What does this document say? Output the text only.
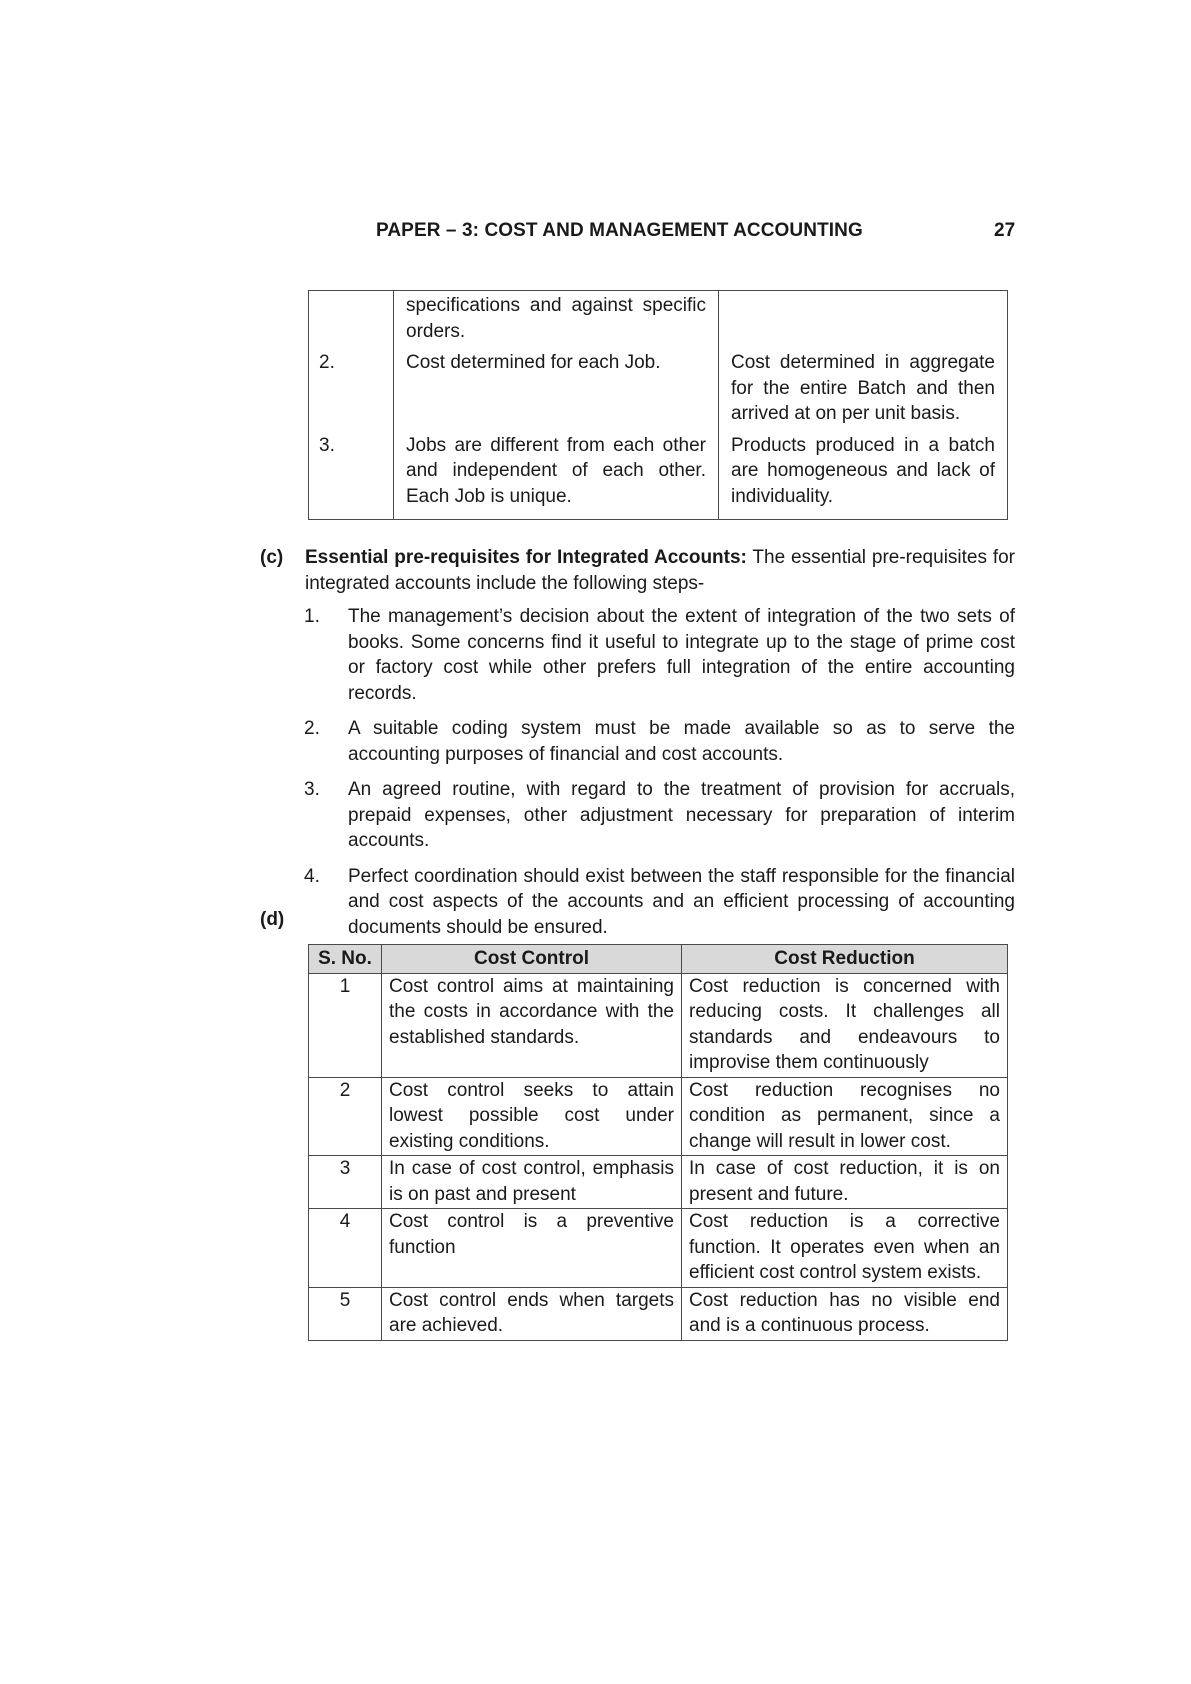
PAPER – 3: COST AND MANAGEMENT ACCOUNTING	27
	specifications and against specific orders.	
2.	Cost determined for each Job.	Cost determined in aggregate for the entire Batch and then arrived at on per unit basis.
3.	Jobs are different from each other and independent of each other. Each Job is unique.	Products produced in a batch are homogeneous and lack of individuality.
(c) Essential pre-requisites for Integrated Accounts: The essential pre-requisites for integrated accounts include the following steps-
1. The management’s decision about the extent of integration of the two sets of books. Some concerns find it useful to integrate up to the stage of prime cost or factory cost while other prefers full integration of the entire accounting records.
2. A suitable coding system must be made available so as to serve the accounting purposes of financial and cost accounts.
3. An agreed routine, with regard to the treatment of provision for accruals, prepaid expenses, other adjustment necessary for preparation of interim accounts.
4. Perfect coordination should exist between the staff responsible for the financial and cost aspects of the accounts and an efficient processing of accounting documents should be ensured.
(d)
S. No.	Cost Control	Cost Reduction
1	Cost control aims at maintaining the costs in accordance with the established standards.	Cost reduction is concerned with reducing costs. It challenges all standards and endeavours to improvise them continuously
2	Cost control seeks to attain lowest possible cost under existing conditions.	Cost reduction recognises no condition as permanent, since a change will result in lower cost.
3	In case of cost control, emphasis is on past and present	In case of cost reduction, it is on present and future.
4	Cost control is a preventive function	Cost reduction is a corrective function. It operates even when an efficient cost control system exists.
5	Cost control ends when targets are achieved.	Cost reduction has no visible end and is a continuous process.
